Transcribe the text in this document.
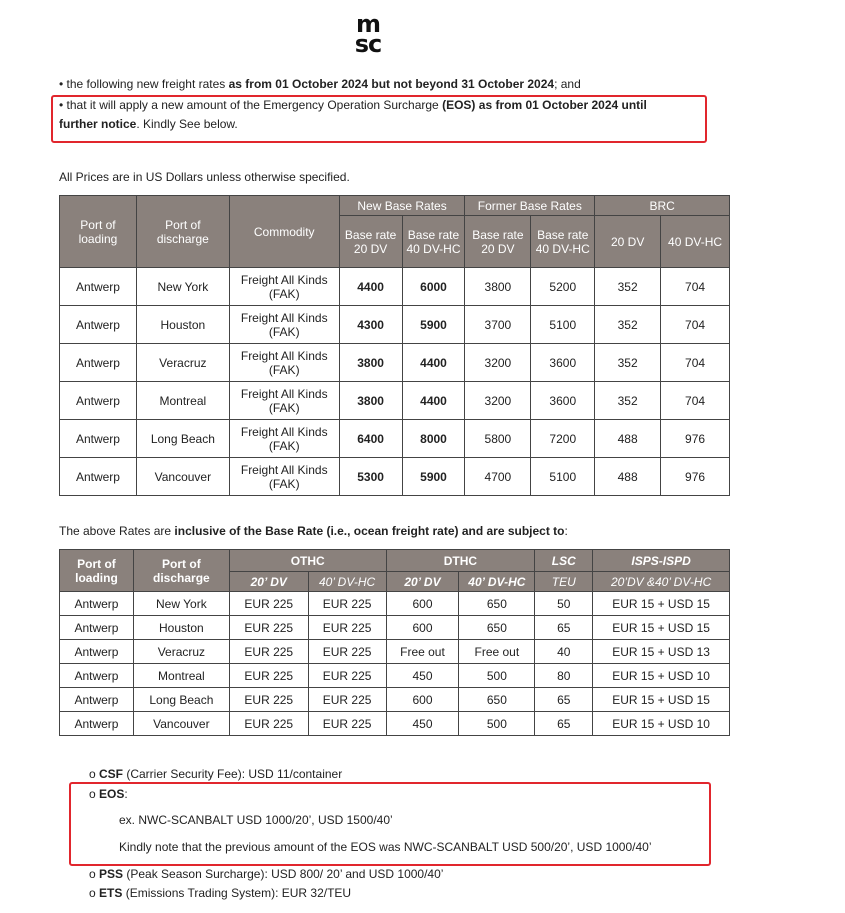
m
sc
• the following new freight rates as from 01 October 2024 but not beyond 31 October 2024; and
• that it will apply a new amount of the Emergency Operation Surcharge (EOS) as from 01 October 2024 until
further notice. Kindly See below.
All Prices are in US Dollars unless otherwise specified.
Port of loading	Port of discharge	Commodity	New Base Rates		Former Base Rates		BRC	
			Base rate 20 DV	Base rate 40 DV-HC	Base rate 20 DV	Base rate 40 DV-HC	20 DV	40 DV-HC
Antwerp	New York	Freight All Kinds (FAK)	4400	6000	3800	5200	352	704
Antwerp	Houston	Freight All Kinds (FAK)	4300	5900	3700	5100	352	704
Antwerp	Veracruz	Freight All Kinds (FAK)	3800	4400	3200	3600	352	704
Antwerp	Montreal	Freight All Kinds (FAK)	3800	4400	3200	3600	352	704
Antwerp	Long Beach	Freight All Kinds (FAK)	6400	8000	5800	7200	488	976
Antwerp	Vancouver	Freight All Kinds (FAK)	5300	5900	4700	5100	488	976
The above Rates are inclusive of the Base Rate (i.e., ocean freight rate) and are subject to:
Port of loading	Port of discharge	OTHC		DTHC		LSC	ISPS-ISPD
		20’ DV	40’ DV-HC	20’ DV	40’ DV-HC	TEU	20’DV &40’ DV-HC
Antwerp	New York	EUR 225	EUR 225	600	650	50	EUR 15 + USD 15
Antwerp	Houston	EUR 225	EUR 225	600	650	65	EUR 15 + USD 15
Antwerp	Veracruz	EUR 225	EUR 225	Free out	Free out	40	EUR 15 + USD 13
Antwerp	Montreal	EUR 225	EUR 225	450	500	80	EUR 15 + USD 10
Antwerp	Long Beach	EUR 225	EUR 225	600	650	65	EUR 15 + USD 15
Antwerp	Vancouver	EUR 225	EUR 225	450	500	65	EUR 15 + USD 10
o CSF (Carrier Security Fee): USD 11/container
o EOS:
ex. NWC-SCANBALT USD 1000/20’, USD 1500/40’
Kindly note that the previous amount of the EOS was NWC-SCANBALT USD 500/20’, USD 1000/40’
o PSS (Peak Season Surcharge): USD 800/ 20’ and USD 1000/40’
o ETS (Emissions Trading System): EUR 32/TEU
